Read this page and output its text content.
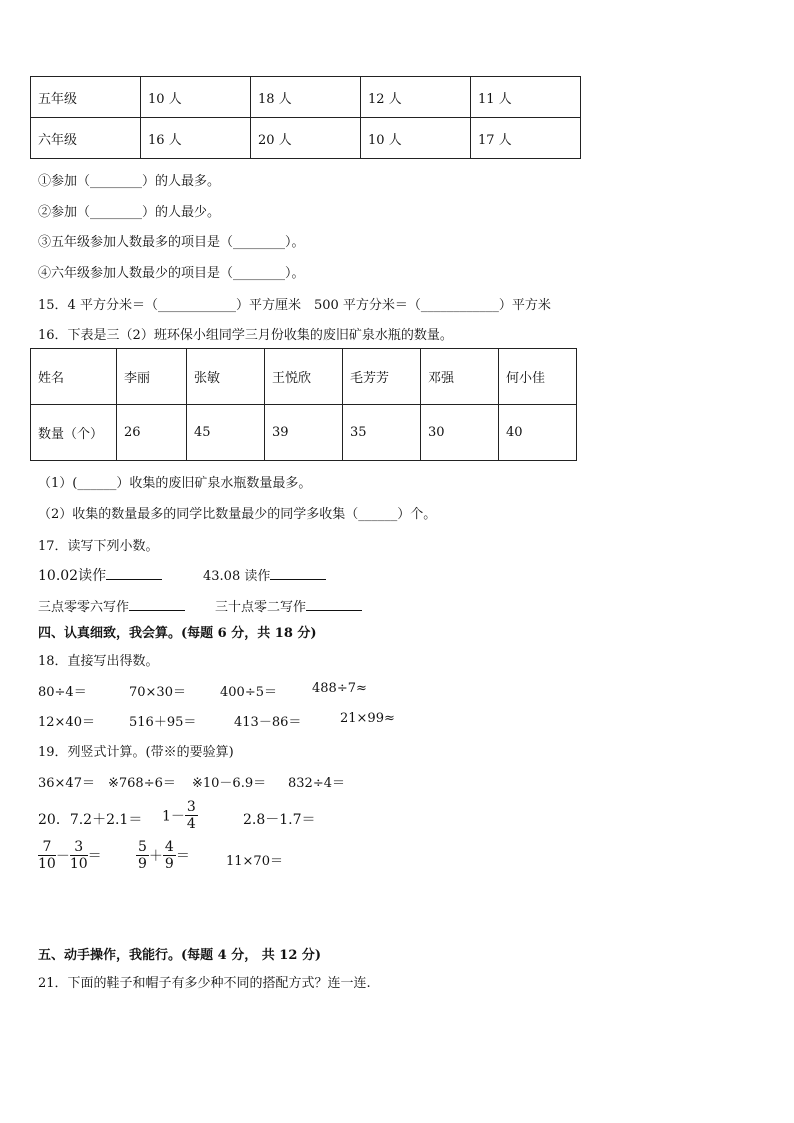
五年级	10 人	18 人	12 人	11 人
六年级	16 人	20 人	10 人	17 人
①参加（________）的人最多。
②参加（________）的人最少。
③五年级参加人数最多的项目是（________）。
④六年级参加人数最少的项目是（________）。
15．4 平方分米＝（____________）平方厘米　500 平方分米＝（____________）平方米
16．下表是三（2）班环保小组同学三月份收集的废旧矿泉水瓶的数量。
姓名	李丽	张敏	王悦欣	毛芳芳	邓强	何小佳
数量（个）	26	45	39	35	30	40
（1）(______）收集的废旧矿泉水瓶数量最多。
（2）收集的数量最多的同学比数量最少的同学多收集（______）个。
17．读写下列小数。
10.02读作	43.08 读作
三点零零六写作	三十点零二写作
四、认真细致，我会算。(每题 6 分，共 18 分)
18．直接写出得数。
80÷4＝	70×30＝	400÷5＝	488÷7≈
12×40＝	516＋95＝	413－86＝	21×99≈
19．列竖式计算。(带※的要验算)
36×47＝ ※768÷6＝ ※10－6.9＝ 832÷4＝
20．$7.2+2.1= 1- \frac{3}{4}$	2.8－1.7＝
$\frac{7}{10} - \frac{3}{10} = \frac{5}{9} + \frac{4}{9}$ ＝	11×70＝
五、动手操作，我能行。(每题 4 分， 共 12 分)
21．下面的鞋子和帽子有多少种不同的搭配方式？连一连.
